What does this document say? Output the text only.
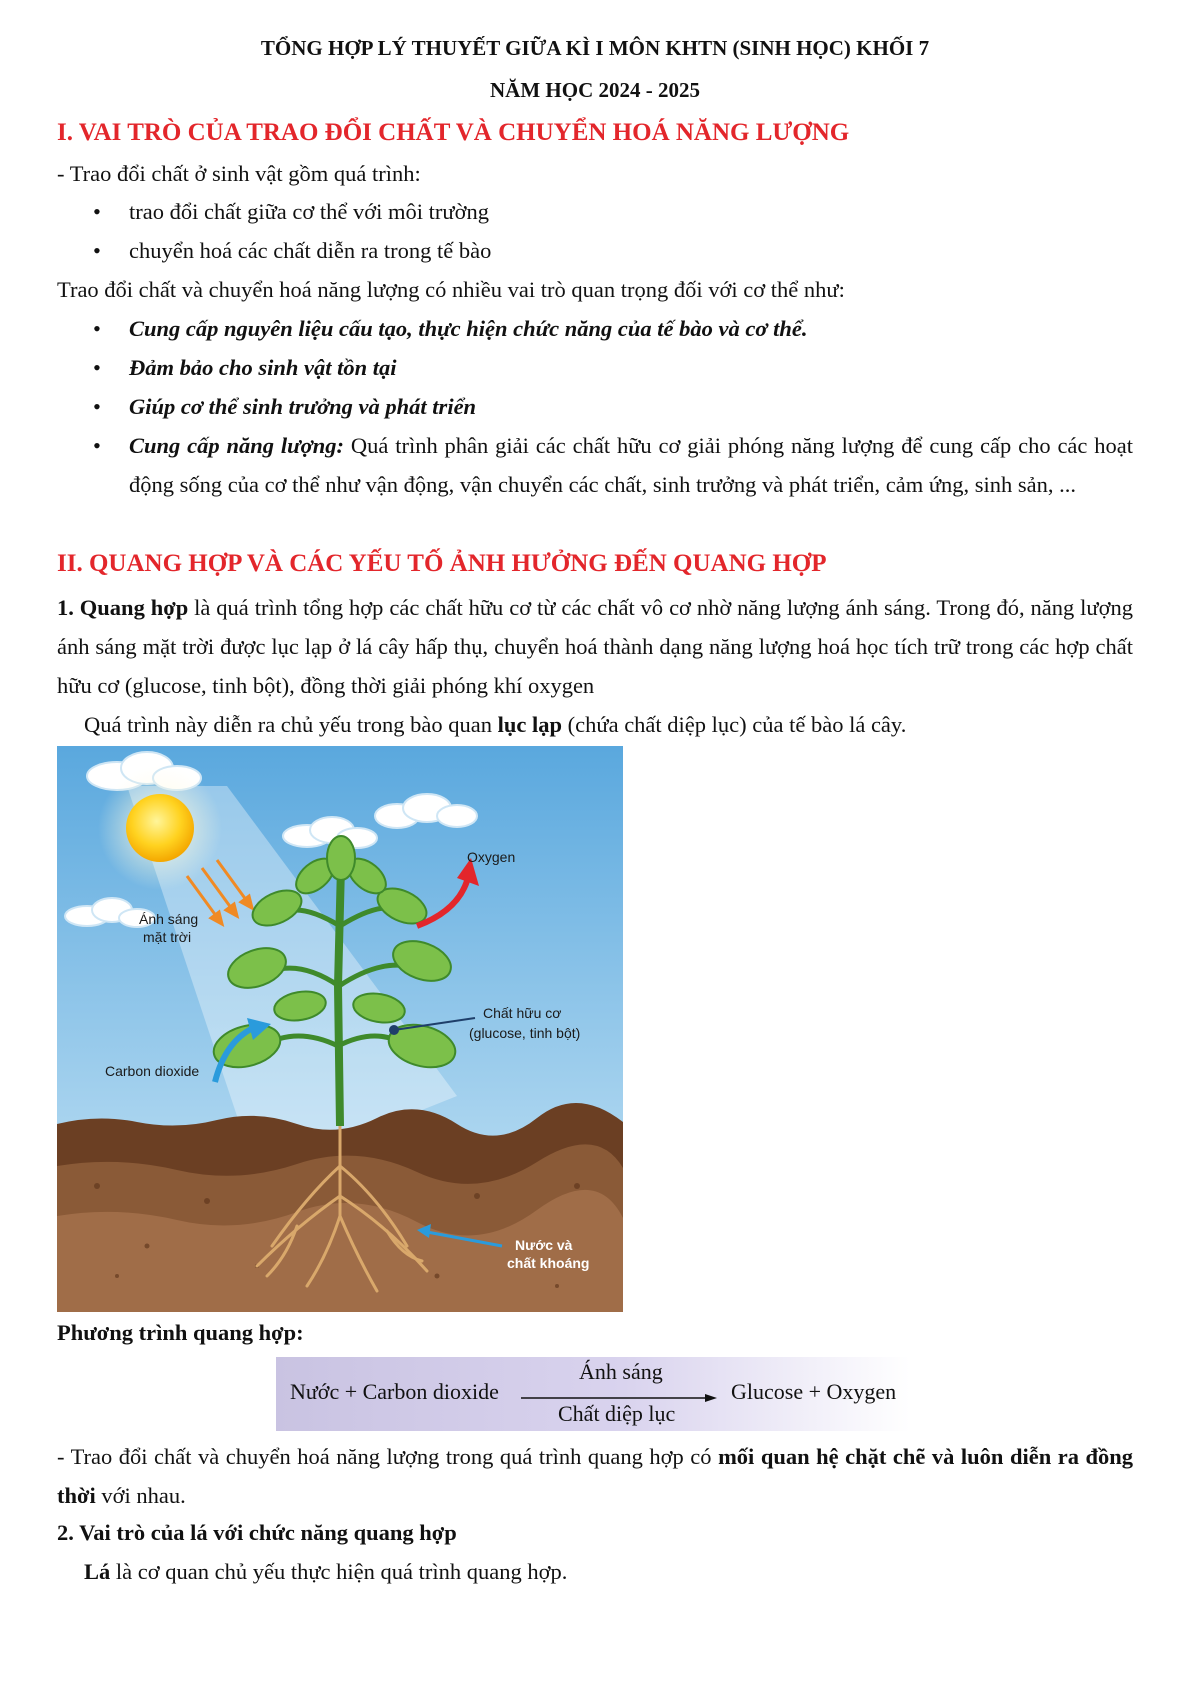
TỔNG HỢP LÝ THUYẾT GIỮA KÌ I MÔN KHTN (SINH HỌC) KHỐI 7
NĂM HỌC 2024 - 2025
I. VAI TRÒ CỦA TRAO ĐỔI CHẤT VÀ CHUYỂN HOÁ NĂNG LƯỢNG
- Trao đổi chất ở sinh vật gồm quá trình:
• trao đổi chất giữa cơ thể với môi trường
• chuyển hoá các chất diễn ra trong tế bào
Trao đổi chất và chuyển hoá năng lượng có nhiều vai trò quan trọng đối với cơ thể như:
• Cung cấp nguyên liệu cấu tạo, thực hiện chức năng của tế bào và cơ thể.
• Đảm bảo cho sinh vật tồn tại
• Giúp cơ thể sinh trưởng và phát triển
• Cung cấp năng lượng: Quá trình phân giải các chất hữu cơ giải phóng năng lượng để cung cấp cho các hoạt động sống của cơ thể như vận động, vận chuyển các chất, sinh trưởng và phát triển, cảm ứng, sinh sản, ...
II. QUANG HỢP VÀ CÁC YẾU TỐ ẢNH HƯỞNG ĐẾN QUANG HỢP
1. Quang hợp là quá trình tổng hợp các chất hữu cơ từ các chất vô cơ nhờ năng lượng ánh sáng. Trong đó, năng lượng ánh sáng mặt trời được lục lạp ở lá cây hấp thụ, chuyển hoá thành dạng năng lượng hoá học tích trữ trong các hợp chất hữu cơ (glucose, tinh bột), đồng thời giải phóng khí oxygen
Quá trình này diễn ra chủ yếu trong bào quan lục lạp (chứa chất diệp lục) của tế bào lá cây.
Oxygen
Ánh sáng
mặt trời
Chất hữu cơ
(glucose, tinh bột)
Carbon dioxide
Nước và
chất khoáng
Phương trình quang hợp:
Nước + Carbon dioxide
Ánh sáng
Chất diệp lục
Glucose + Oxygen
- Trao đổi chất và chuyển hoá năng lượng trong quá trình quang hợp có mối quan hệ chặt chẽ và luôn diễn ra đồng thời với nhau.
2. Vai trò của lá với chức năng quang hợp
Lá là cơ quan chủ yếu thực hiện quá trình quang hợp.
